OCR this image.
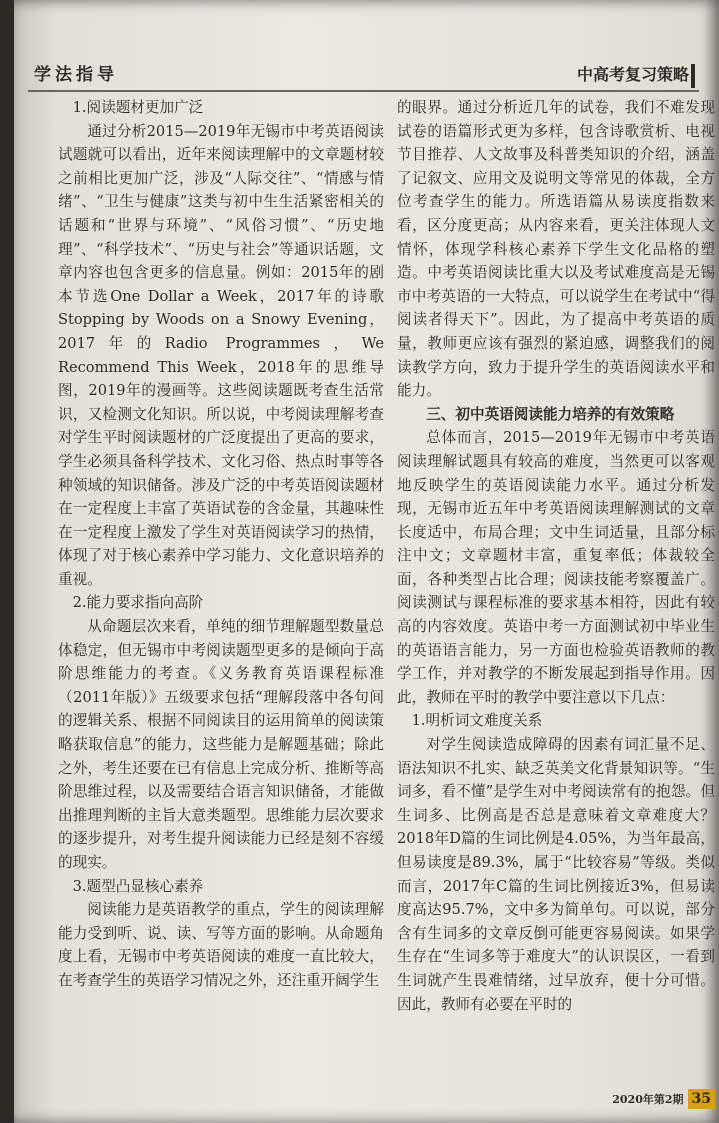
学法指导	中高考复习策略

1.阅读题材更加广泛

通过分析2015—2019年无锡市中考英语阅读试题就可以看出，近年来阅读理解中的文章题材较之前相比更加广泛，涉及“人际交往”、“情感与情绪”、“卫生与健康”这类与初中生生活紧密相关的话题和“世界与环境”、“风俗习惯”、“历史地理”、“科学技术”、“历史与社会”等通识话题，文章内容也包含更多的信息量。例如：2015年的剧本节选One Dollar a Week，2017年的诗歌Stopping by Woods on a Snowy Evening，2017年的Radio Programmes，We Recommend This Week，2018年的思维导图，2019年的漫画等。这些阅读题既考查生活常识，又检测文化知识。所以说，中考阅读理解考查对学生平时阅读题材的广泛度提出了更高的要求，学生必须具备科学技术、文化习俗、热点时事等各种领域的知识储备。涉及广泛的中考英语阅读题材在一定程度上丰富了英语试卷的含金量，其趣味性在一定程度上激发了学生对英语阅读学习的热情，体现了对于核心素养中学习能力、文化意识培养的重视。

2.能力要求指向高阶

从命题层次来看，单纯的细节理解题型数量总体稳定，但无锡市中考阅读题型更多的是倾向于高阶思维能力的考查。《义务教育英语课程标准（2011年版）》五级要求包括“理解段落中各句间的逻辑关系、根据不同阅读目的运用简单的阅读策略获取信息”的能力，这些能力是解题基础；除此之外，考生还要在已有信息上完成分析、推断等高阶思维过程，以及需要结合语言知识储备，才能做出推理判断的主旨大意类题型。思维能力层次要求的逐步提升，对考生提升阅读能力已经是刻不容缓的现实。

3.题型凸显核心素养

阅读能力是英语教学的重点，学生的阅读理解能力受到听、说、读、写等方面的影响。从命题角度上看，无锡市中考英语阅读的难度一直比较大，在考查学生的英语学习情况之外，还注重开阔学生

的眼界。通过分析近几年的试卷，我们不难发现试卷的语篇形式更为多样，包含诗歌赏析、电视节目推荐、人文故事及科普类知识的介绍，涵盖了记叙文、应用文及说明文等常见的体裁，全方位考查学生的能力。所选语篇从易读度指数来看，区分度更高；从内容来看，更关注体现人文情怀，体现学科核心素养下学生文化品格的塑造。中考英语阅读比重大以及考试难度高是无锡市中考英语的一大特点，可以说学生在考试中“得阅读者得天下”。因此，为了提高中考英语的质量，教师更应该有强烈的紧迫感，调整我们的阅读教学方向，致力于提升学生的英语阅读水平和能力。

三、初中英语阅读能力培养的有效策略

总体而言，2015—2019年无锡市中考英语阅读理解试题具有较高的难度，当然更可以客观地反映学生的英语阅读能力水平。通过分析发现，无锡市近五年中考英语阅读理解测试的文章长度适中，布局合理；文中生词适量，且部分标注中文；文章题材丰富，重复率低；体裁较全面，各种类型占比合理；阅读技能考察覆盖广。阅读测试与课程标准的要求基本相符，因此有较高的内容效度。英语中考一方面测试初中毕业生的英语语言能力，另一方面也检验英语教师的教学工作，并对教学的不断发展起到指导作用。因此，教师在平时的教学中要注意以下几点：

1.明析词文难度关系

对学生阅读造成障碍的因素有词汇量不足、语法知识不扎实、缺乏英美文化背景知识等。“生词多，看不懂”是学生对中考阅读常有的抱怨。但生词多、比例高是否总是意味着文章难度大？2018年D篇的生词比例是4.05%，为当年最高，但易读度是89.3%，属于“比较容易”等级。类似而言，2017年C篇的生词比例接近3%，但易读度高达95.7%，文中多为简单句。可以说，部分含有生词多的文章反倒可能更容易阅读。如果学生存在“生词多等于难度大”的认识误区，一看到生词就产生畏难情绪，过早放弃，便十分可惜。因此，教师有必要在平时的

2020年第2期 35
